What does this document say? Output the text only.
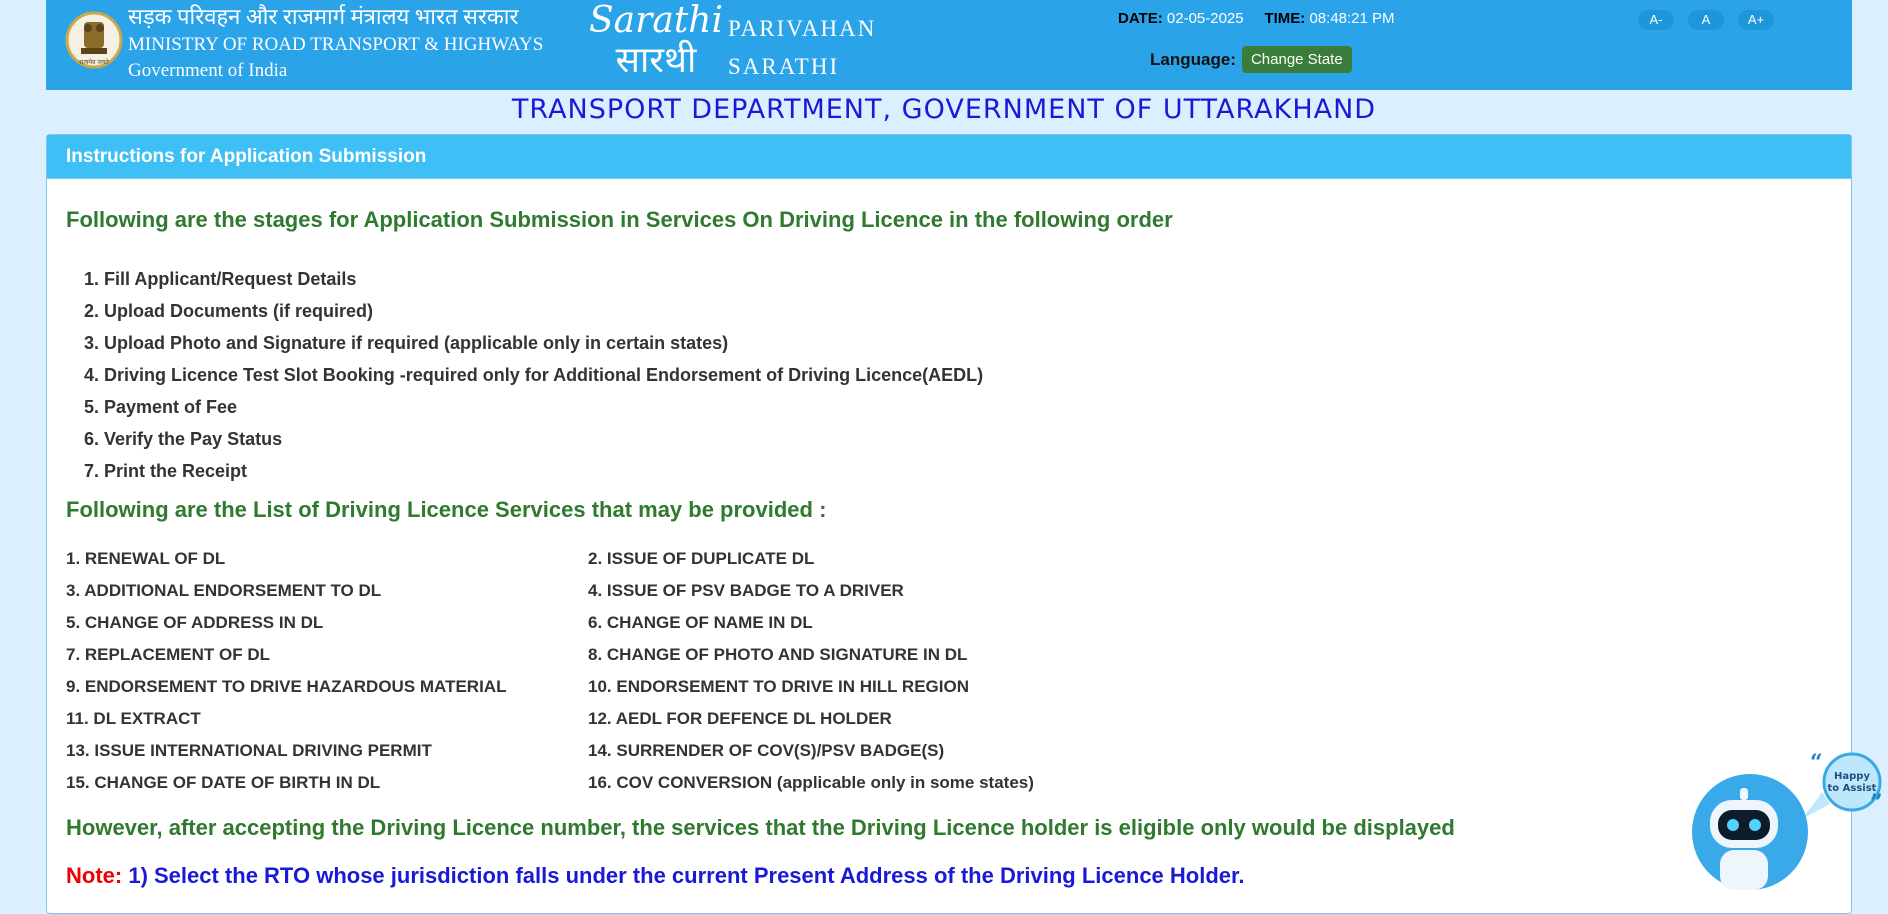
सत्यमेव जयते
सड़क परिवहन और राजमार्ग मंत्रालय भारत सरकार
MINISTRY OF ROAD TRANSPORT & HIGHWAYS
Government of India
Sarathi
सारथी
PARIVAHAN
SARATHI
DATE: 02-05-2025 TIME: 08:48:21 PM
Language:	Change State
A-	A	A+
TRANSPORT DEPARTMENT, GOVERNMENT OF UTTARAKHAND
Instructions for Application Submission
Following are the stages for Application Submission in Services On Driving Licence in the following order
1. Fill Applicant/Request Details
2. Upload Documents (if required)
3. Upload Photo and Signature if required (applicable only in certain states)
4. Driving Licence Test Slot Booking -required only for Additional Endorsement of Driving Licence(AEDL)
5. Payment of Fee
6. Verify the Pay Status
7. Print the Receipt
Following are the List of Driving Licence Services that may be provided :
1. RENEWAL OF DL	2. ISSUE OF DUPLICATE DL
3. ADDITIONAL ENDORSEMENT TO DL	4. ISSUE OF PSV BADGE TO A DRIVER
5. CHANGE OF ADDRESS IN DL	6. CHANGE OF NAME IN DL
7. REPLACEMENT OF DL	8. CHANGE OF PHOTO AND SIGNATURE IN DL
9. ENDORSEMENT TO DRIVE HAZARDOUS MATERIAL	10. ENDORSEMENT TO DRIVE IN HILL REGION
11. DL EXTRACT	12. AEDL FOR DEFENCE DL HOLDER
13. ISSUE INTERNATIONAL DRIVING PERMIT	14. SURRENDER OF COV(S)/PSV BADGE(S)
15. CHANGE OF DATE OF BIRTH IN DL	16. COV CONVERSION (applicable only in some states)
However, after accepting the Driving Licence number, the services that the Driving Licence holder is eligible only would be displayed
Note: 1) Select the RTO whose jurisdiction falls under the current Present Address of the Driving Licence Holder.
“
”
Happy
to Assist
